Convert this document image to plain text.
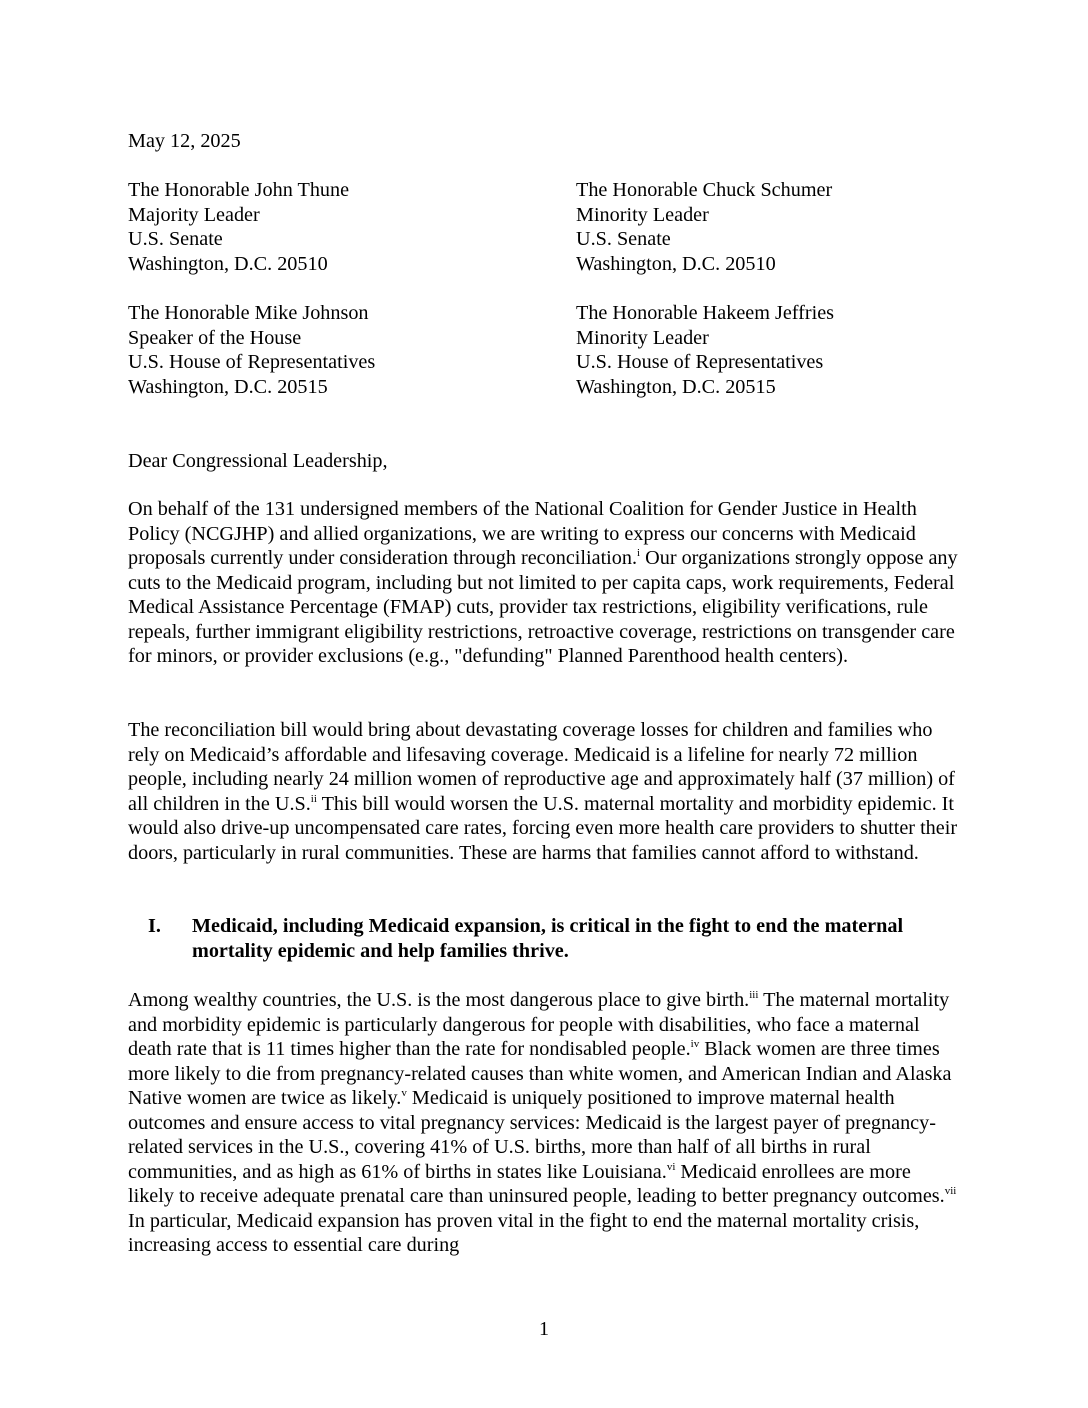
May 12, 2025
The Honorable John Thune
Majority Leader
U.S. Senate
Washington, D.C. 20510
The Honorable Chuck Schumer
Minority Leader
U.S. Senate
Washington, D.C. 20510
The Honorable Mike Johnson
Speaker of the House
U.S. House of Representatives
Washington, D.C. 20515
The Honorable Hakeem Jeffries
Minority Leader
U.S. House of Representatives
Washington, D.C. 20515
Dear Congressional Leadership,

On behalf of the 131 undersigned members of the National Coalition for Gender Justice in Health Policy (NCGJHP) and allied organizations, we are writing to express our concerns with Medicaid proposals currently under consideration through reconciliation.$^i$ Our organizations strongly oppose any cuts to the Medicaid program, including but not limited to per capita caps, work requirements, Federal Medical Assistance Percentage (FMAP) cuts, provider tax restrictions, eligibility verifications, rule repeals, further immigrant eligibility restrictions, retroactive coverage, restrictions on transgender care for minors, or provider exclusions (e.g., "defunding" Planned Parenthood health centers).

The reconciliation bill would bring about devastating coverage losses for children and families who rely on Medicaid’s affordable and lifesaving coverage. Medicaid is a lifeline for nearly 72 million people, including nearly 24 million women of reproductive age and approximately half (37 million) of all children in the U.S.$^{ii}$ This bill would worsen the U.S. maternal mortality and morbidity epidemic. It would also drive-up uncompensated care rates, forcing even more health care providers to shutter their doors, particularly in rural communities. These are harms that families cannot afford to withstand.

I. Medicaid, including Medicaid expansion, is critical in the fight to end the maternal mortality epidemic and help families thrive.

Among wealthy countries, the U.S. is the most dangerous place to give birth.$^{iii}$ The maternal mortality and morbidity epidemic is particularly dangerous for people with disabilities, who face a maternal death rate that is 11 times higher than the rate for nondisabled people.$^{iv}$ Black women are three times more likely to die from pregnancy-related causes than white women, and American Indian and Alaska Native women are twice as likely.$^v$ Medicaid is uniquely positioned to improve maternal health outcomes and ensure access to vital pregnancy services: Medicaid is the largest payer of pregnancy-related services in the U.S., covering 41% of U.S. births, more than half of all births in rural communities, and as high as 61% of births in states like Louisiana.$^{vi}$ Medicaid enrollees are more likely to receive adequate prenatal care than uninsured people, leading to better pregnancy outcomes.$^{vii}$ In particular, Medicaid expansion has proven vital in the fight to end the maternal mortality crisis, increasing access to essential care during

1
